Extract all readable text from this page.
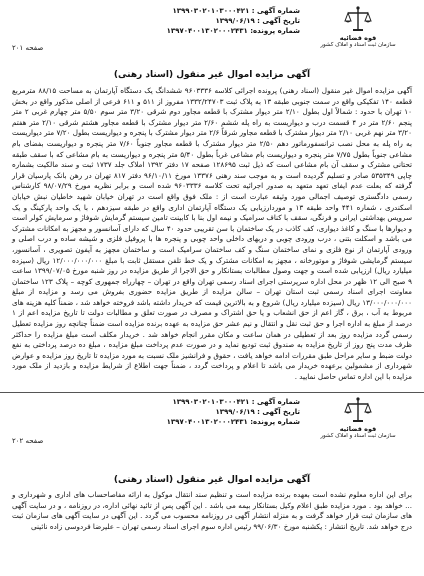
شماره آگهی : ۱۳۹۹۰۳۰۲۰۱۰۳۰۰۰۴۲۱
تاریخ آگهی : ۱۳۹۹/۰۶/۱۹
شماره پرونده: ۱۳۹۷۰۴۰۰۱۳۰۲۰۰۰۲۴۳۱
قوه قضائیه
سازمان ثبت اسناد و املاک کشور
صفحه ۲۰۱
آگهی مزایده اموال غیر منقول (اسناد رهنی)
آگهی مزایده اموال غیر منقول (اسناد رهنی) پرونده اجرائی کلاسه ۹۶۰۳۳۳۶ ششدانگ یک دستگاه آپارتمان به مساحت ۸۸/۱۵ مترمربع قطعه ۱۴۰ تفکیکی واقع در سمت جنوبی طبقه ۱۳ به پلاک ثبت ۱۳۳۲/۲۴۷۰۳ مفروز از ۵۱۱ و ۶۱۱ فرعی از اصلی مذکور واقع در بخش ۱۰ تهران با حدود : شمالاً اول بطول ۲/۱۰ متر دیوار مشترک با قطعه مجاور دوم شرقی ۳/۲۰ متر سوم ۵/۵۰ متر چهارم غربی ۲ متر پنجم ۲/۶۰ متر در ۴ قسمت درب و دیواریست به راه پله ششم ۲/۶۰ متر دیوار مشترک با قطعه مجاور هشتم شرقی ۲/۱۰ متر هفتم ۳/۲۰ متر نهم غربی ۲/۱۰ متر دیوار مشترک با قطعه مجاور شرقاً ۲/۶ متر دیوار مشترک با پنجره و دیواریست بطول ۷/۲۰ متر دیواریست به راه پله به محل نصب ترانسفورماتور دهم ۲/۵۰ متر دیوار مشترک با قطعه مجاور جنوباً ۷/۶۰ متر پنجره و دیواریست بفضای بام مشاعی جنوباً بطول ۷/۷۵ متر پنجره و دیواریست بام مشاعی غرباً بطول ۵/۴۰ متر پنجره و دیواریست به بام مشاعی که با سقف طبقه تحتانی مشترک و سقف آن بام مشاعی است که ذیل ثبت ۱۲۸۶۹۵ صفحه ۱۷ دفتر ۱۳۹۲ املاک جلد ۱۷۳۷ ثبت و سند مالکیت بشماره چاپی ۵۳۵۳۴۹ صادر و تسلیم گردیده است و به موجب سند رهنی ۱۳۳۷۶ مورخ ۹۶/۱۰/۱۱ دفتر ۸۱۷ تهران در رهن بانک پارسیان قرار گرفته که بعلت عدم ایفای تعهد متعهد به صدور اجرائیه تحت کلاسه ۹۶۰۳۳۳۶ شده است و برابر نظریه مورخ ۹۸/۰۷/۲۹ کارشناس رسمی دادگستری توصیف اجمالی مورد وثیقه عبارت است از : ملک فوق واقع است در تهران خیابان شهید خاطیان نبش خیابان اسکندری ، شماره ۴۴۱ واحد طبقه ۱۳ و موردارزیابی یک دستگاه آپارتمان اداری واقع در طبقه سیزدهم ، با یک واحد پارکینگ و یک سرویس بهداشتی ایرانی و فرنگی، سقف با کناف سرامیک و نیمه اول بنا با کابینت تامین سیستم گرمایش شوفاژ و سرمایش کولر است و دیوارها با سنگ و کاغذ دیواری، کف کاذب در یک ساختمان با سن تقریبی حدود ۴۰ سال که دارای آسانسور و مجهز به امکانات مشترک می باشد و اسکلت بتنی ، درب ورودی چوبی و دربهای داخلی واحد چوبی و پنجره ها با پروفیل فلزی و شیشه ساده و درب اصلی و ورودی آپارتمان از نوع فلزی و نمای ساختمان سنگ و کف ساختمان سرامیک است و ساختمان مجهز به آیفون تصویری ، آسانسور، سیستم گرمایشی شوفاژ و موتورخانه ، مجهز به امکانات مشترک و یک خط تلفن مستقل ثابت با مبلغ ۱۲/۰۰۰/۰۰۰/۰۰۰ ریال (سیزده میلیارد ریال) ارزیابی شده است و جهت وصول مطالبات بستانکار و حق الاجرا از طریق مزایده در روز شنبه مورخ ۱۳۹۹/۰۷/۰۵ ساعت ۹ صبح الی ۱۲ ظهر در محل اداره سرپرستی اجرای اسناد رسمی تهران واقع در تهران – چهارراه جمهوری کوچه – پلاک ۱۲۳ ساختمان معاونت اجرای اسناد رسمی ثبت استان تهران – سالن مزایده از طریق مزایده حضوری بفروش می رسد و مزایده از مبلغ ۱۳/۰۰۰/۰۰۰/۰۰۰ ریال (سیزده میلیارد ریال) شروع و به بالاترین قیمت که خریدار داشته باشد فروخته خواهد شد ، ضمناً کلیه هزینه های مربوط به آب ، برق ، گاز اعم از حق انشعاب و یا حق اشتراک و مصرف در صورت تعلق و مطالبات دولت تا تاریخ مزایده اعم از ۱ درصد از مبلغ به اداره اجرا و حق ثبت نقل و انتقال و نیم عشر حق مزایده به عهده برنده مزایده است ضمناً چنانچه روز مزایده تعطیل رسمی گردد مزایده روز بعد از تعطیلی در همان ساعت و مکان مقرر انجام خواهد شد . خریدار مکلف است مبلغ مزایده را حداکثر ظرف مدت پنج روز از تاریخ مزایده به صندوق ثبت تودیع نماید و در صورت عدم پرداخت مبلغ مزایده ، مبلغ ده درصد پرداختی به نفع دولت ضبط و سایر مراحل طبق مقررات ادامه خواهد یافت ، حقوق و فرانشیز ملک نسبت به مورد مزایده تا تاریخ روز مزایده و عوارض شهرداری از مشمولین برعهده خریدار می باشد تا اعلام و پرداخت گردد ، ضمناً جهت اطلاع از شرایط مزایده و بازدید از ملک مورد مزایده با این اداره تماس حاصل نمایید .
شماره آگهی : ۱۳۹۹۰۳۰۲۰۱۰۳۰۰۰۴۲۱
تاریخ آگهی : ۱۳۹۹/۰۶/۱۹
شماره پرونده: ۱۳۹۷۰۴۰۰۱۳۰۲۰۰۰۲۴۳۱
قوه قضائیه
سازمان ثبت اسناد و املاک کشور
صفحه ۲۰۲
آگهی مزایده اموال غیر منقول (اسناد رهنی)
برای این اداره معلوم نشده است بعهده برنده مزایده است و تنظیم سند انتقال موکول به ارائه مفاصاحساب های اداری و شهرداری و ... خواهد بود . مورد مزایده طبق اعلام وکیل بستانکار بیمه می باشد . این آگهی پس از تائید نهائی اداره، در روزنامه ، و در سایت آگهی های سازمان ثبت قرار خواهد گرفت و به منزله انتشار آگهی در روزنامه محسوب می گردد . این آگهی در سایت آگهی های سازمان ثبت درج خواهد شد. تاریخ انتشار : یکشنبه مورخ ۹۹/۰۶/۳۰ رئیس اداره سوم اجرای اسناد رسمی تهران – علیرضا فردوسی زاده نائینی
